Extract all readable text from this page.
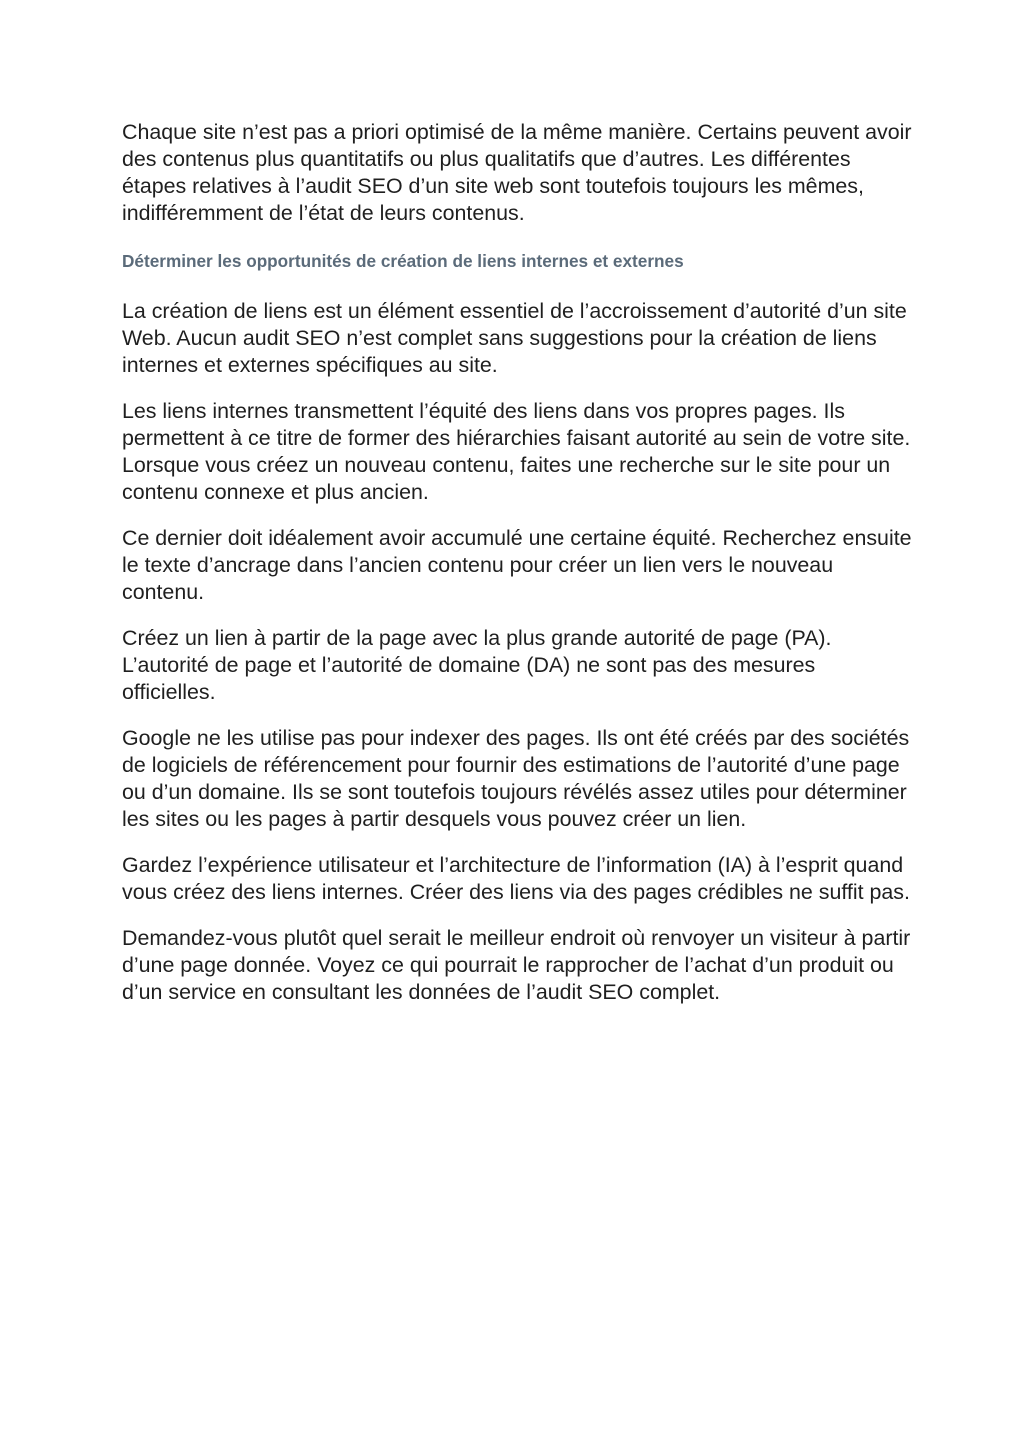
Chaque site n’est pas a priori optimisé de la même manière. Certains peuvent avoir des contenus plus quantitatifs ou plus qualitatifs que d’autres. Les différentes étapes relatives à l’audit SEO d’un site web sont toutefois toujours les mêmes, indifféremment de l’état de leurs contenus.

Déterminer les opportunités de création de liens internes et externes

La création de liens est un élément essentiel de l’accroissement d’autorité d’un site Web. Aucun audit SEO n’est complet sans suggestions pour la création de liens internes et externes spécifiques au site.

Les liens internes transmettent l’équité des liens dans vos propres pages. Ils permettent à ce titre de former des hiérarchies faisant autorité au sein de votre site. Lorsque vous créez un nouveau contenu, faites une recherche sur le site pour un contenu connexe et plus ancien.

Ce dernier doit idéalement avoir accumulé une certaine équité. Recherchez ensuite le texte d’ancrage dans l’ancien contenu pour créer un lien vers le nouveau contenu.

Créez un lien à partir de la page avec la plus grande autorité de page (PA). L’autorité de page et l’autorité de domaine (DA) ne sont pas des mesures officielles.

Google ne les utilise pas pour indexer des pages. Ils ont été créés par des sociétés de logiciels de référencement pour fournir des estimations de l’autorité d’une page ou d’un domaine. Ils se sont toutefois toujours révélés assez utiles pour déterminer les sites ou les pages à partir desquels vous pouvez créer un lien.

Gardez l’expérience utilisateur et l’architecture de l’information (IA) à l’esprit quand vous créez des liens internes. Créer des liens via des pages crédibles ne suffit pas.

Demandez-vous plutôt quel serait le meilleur endroit où renvoyer un visiteur à partir d’une page donnée. Voyez ce qui pourrait le rapprocher de l’achat d’un produit ou d’un service en consultant les données de l’audit SEO complet.
